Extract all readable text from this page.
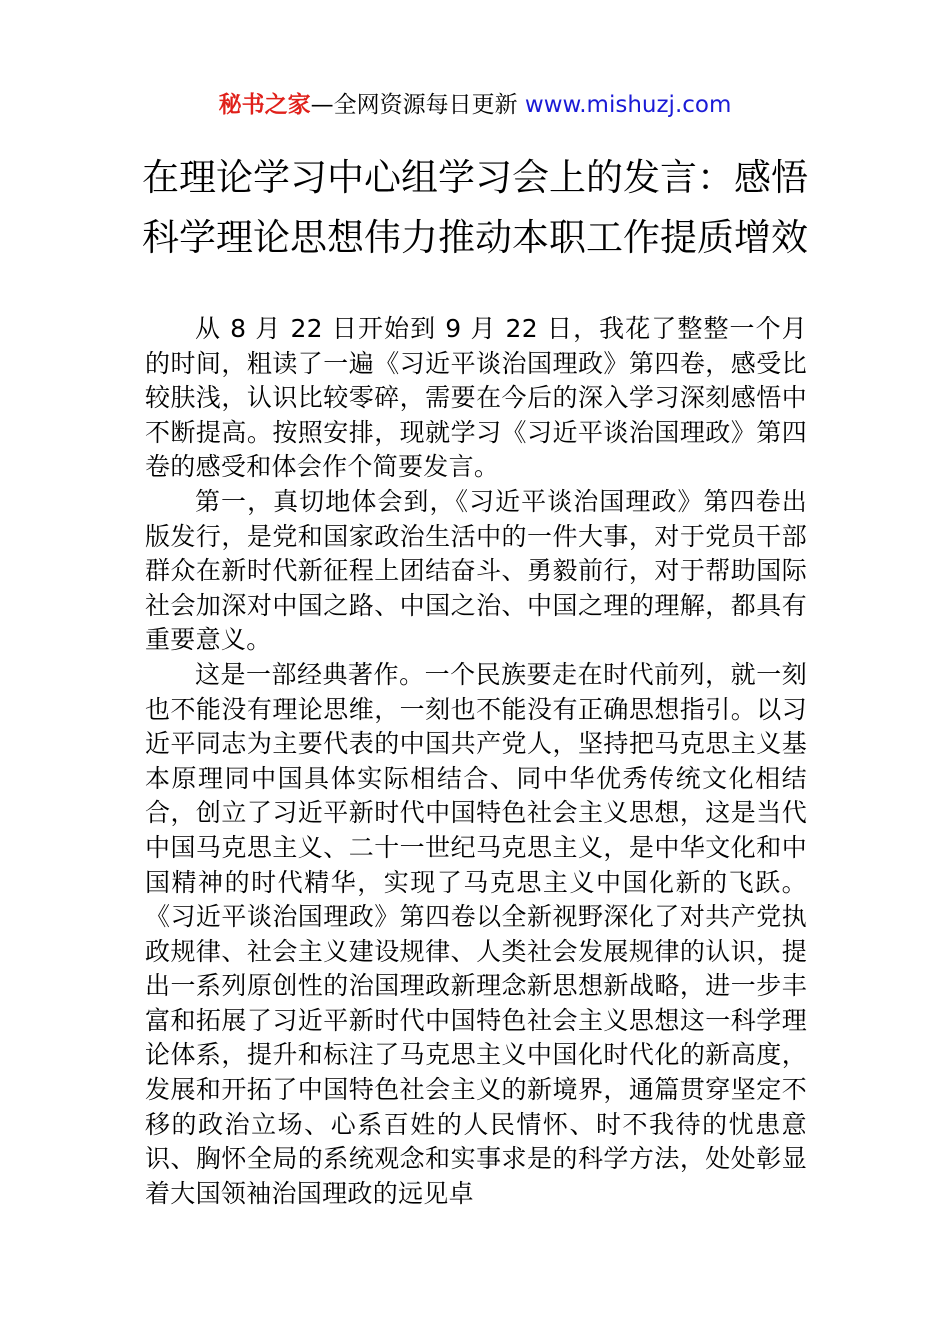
秘书之家—全网资源每日更新 www.mishuzj.com
在理论学习中心组学习会上的发言：感悟
科学理论思想伟力推动本职工作提质增效

从 8 月 22 日开始到 9 月 22 日，我花了整整一个月的时间，粗读了一遍《习近平谈治国理政》第四卷，感受比较肤浅，认识比较零碎，需要在今后的深入学习深刻感悟中不断提高。按照安排，现就学习《习近平谈治国理政》第四卷的感受和体会作个简要发言。

第一，真切地体会到，《习近平谈治国理政》第四卷出版发行，是党和国家政治生活中的一件大事，对于党员干部群众在新时代新征程上团结奋斗、勇毅前行，对于帮助国际社会加深对中国之路、中国之治、中国之理的理解，都具有重要意义。

这是一部经典著作。一个民族要走在时代前列，就一刻也不能没有理论思维，一刻也不能没有正确思想指引。以习近平同志为主要代表的中国共产党人，坚持把马克思主义基本原理同中国具体实际相结合、同中华优秀传统文化相结合，创立了习近平新时代中国特色社会主义思想，这是当代中国马克思主义、二十一世纪马克思主义，是中华文化和中国精神的时代精华，实现了马克思主义中国化新的飞跃。《习近平谈治国理政》第四卷以全新视野深化了对共产党执政规律、社会主义建设规律、人类社会发展规律的认识，提出一系列原创性的治国理政新理念新思想新战略，进一步丰富和拓展了习近平新时代中国特色社会主义思想这一科学理论体系，提升和标注了马克思主义中国化时代化的新高度，发展和开拓了中国特色社会主义的新境界，通篇贯穿坚定不移的政治立场、心系百姓的人民情怀、时不我待的忧患意识、胸怀全局的系统观念和实事求是的科学方法，处处彰显着大国领袖治国理政的远见卓
